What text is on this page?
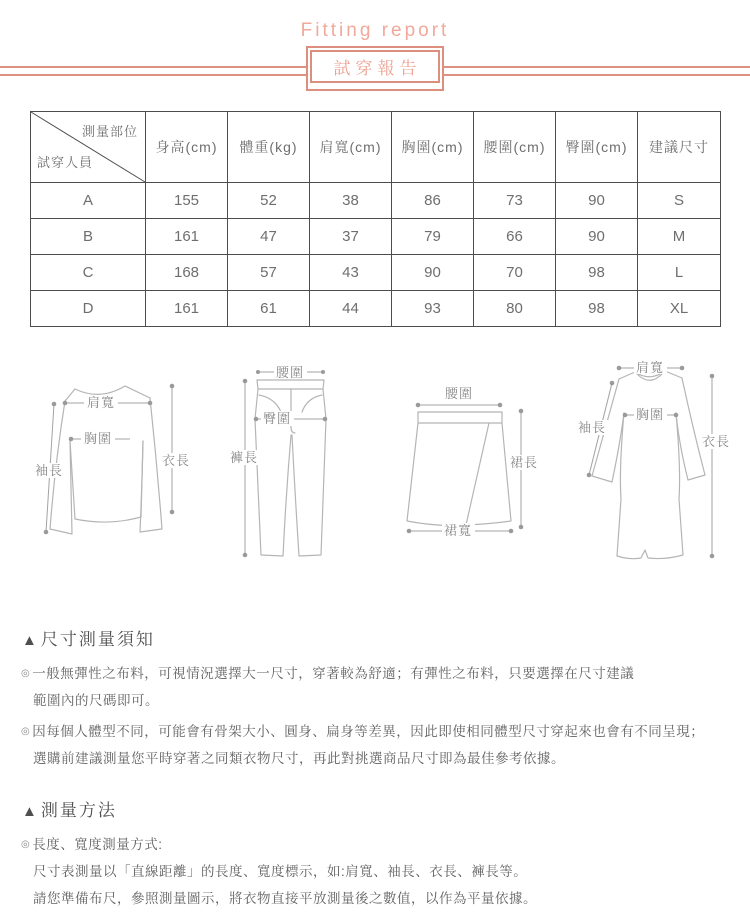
Fitting report
試穿報告
測量部位
試穿人員	身高(cm)	體重(kg)	肩寬(cm)	胸圍(cm)	腰圍(cm)	臀圍(cm)	建議尺寸
A	155	52	38	86	73	90	S
B	161	47	37	79	66	90	M
C	168	57	43	90	70	98	L
D	161	61	44	93	80	98	XL
肩寬
胸圍
袖長
衣長
腰圍
臀圍
褲長
腰圍
裙長
裙寬
肩寬
胸圍
袖長
衣長
▲ 尺寸測量須知
◎ 一般無彈性之布料，可視情況選擇大一尺寸，穿著較為舒適；有彈性之布料，只要選擇在尺寸建議
範圍內的尺碼即可。
◎ 因每個人體型不同，可能會有骨架大小、圓身、扁身等差異，因此即使相同體型尺寸穿起來也會有不同呈現；
選購前建議測量您平時穿著之同類衣物尺寸，再此對挑選商品尺寸即為最佳參考依據。
▲ 測量方法
◎ 長度、寬度測量方式:
尺寸表測量以「直線距離」的長度、寬度標示，如:肩寬、袖長、衣長、褲長等。
請您準備布尺，參照測量圖示，將衣物直接平放測量後之數值，以作為平量依據。
